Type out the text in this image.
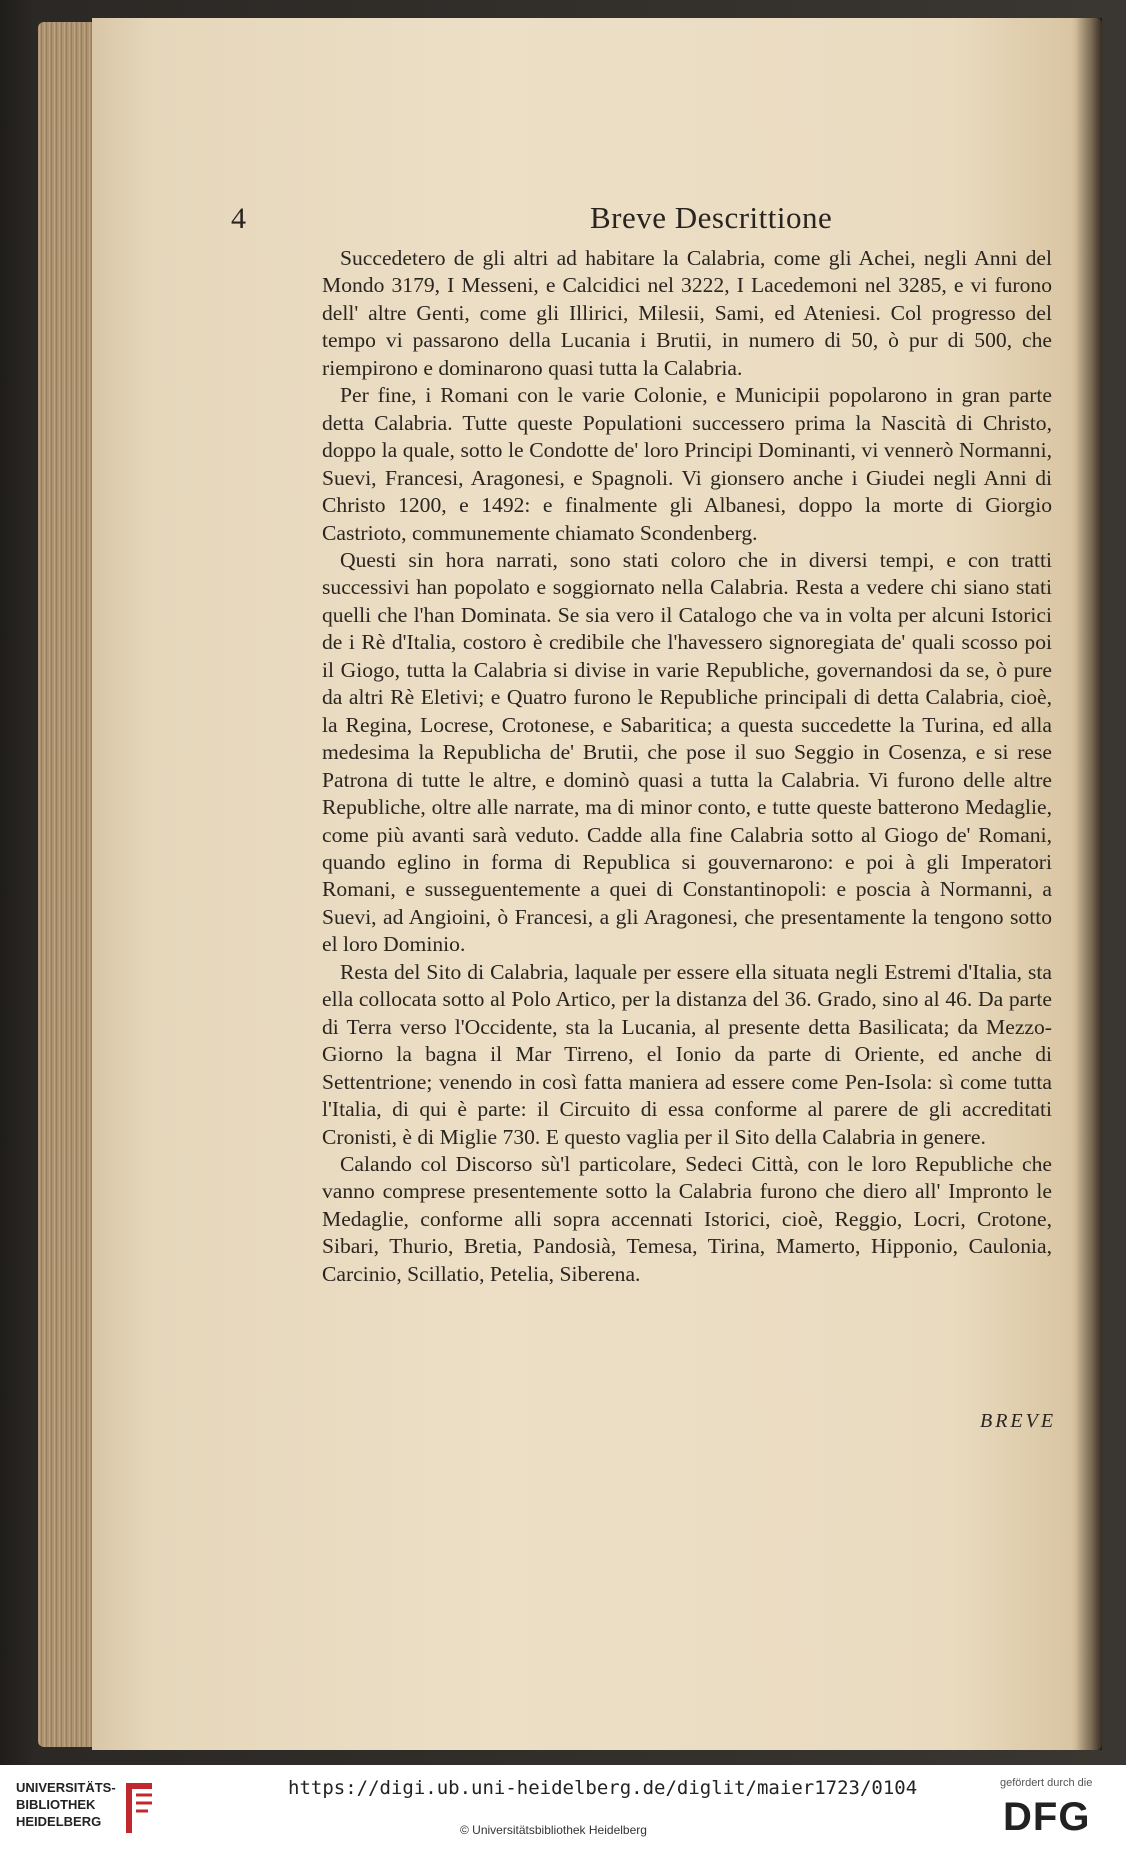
4	Breve Descrittione

Succedetero de gli altri ad habitare la Calabria, come gli Achei, negli Anni del Mondo 3179, I Messeni, e Calcidici nel 3222, I Lacedemoni nel 3285, e vi furono dell' altre Genti, come gli Illirici, Milesii, Sami, ed Ateniesi. Col progresso del tempo vi passarono della Lucania i Brutii, in numero di 50, ò pur di 500, che riempirono e dominarono quasi tutta la Calabria.

Per fine, i Romani con le varie Colonie, e Municipii popolarono in gran parte detta Calabria. Tutte queste Populationi successero prima la Nascità di Christo, doppo la quale, sotto le Condotte de' loro Principi Dominanti, vi vennerò Normanni, Suevi, Francesi, Aragonesi, e Spagnoli. Vi gionsero anche i Giudei negli Anni di Christo 1200, e 1492: e finalmente gli Albanesi, doppo la morte di Giorgio Castrioto, communemente chiamato Scondenberg.

Questi sin hora narrati, sono stati coloro che in diversi tempi, e con tratti successivi han popolato e soggiornato nella Calabria. Resta a vedere chi siano stati quelli che l'han Dominata. Se sia vero il Catalogo che va in volta per alcuni Istorici de i Rè d'Italia, costoro è credibile che l'havessero signoregiata de' quali scosso poi il Giogo, tutta la Calabria si divise in varie Republiche, governandosi da se, ò pure da altri Rè Eletivi; e Quatro furono le Republiche principali di detta Calabria, cioè, la Regina, Locrese, Crotonese, e Sabaritica; a questa succedette la Turina, ed alla medesima la Republicha de' Brutii, che pose il suo Seggio in Cosenza, e si rese Patrona di tutte le altre, e dominò quasi a tutta la Calabria. Vi furono delle altre Republiche, oltre alle narrate, ma di minor conto, e tutte queste batterono Medaglie, come più avanti sarà veduto. Cadde alla fine Calabria sotto al Giogo de' Romani, quando eglino in forma di Republica si gouvernarono: e poi à gli Imperatori Romani, e susseguentemente a quei di Constantinopoli: e poscia à Normanni, a Suevi, ad Angioini, ò Francesi, a gli Aragonesi, che presentamente la tengono sotto el loro Dominio.

Resta del Sito di Calabria, laquale per essere ella situata negli Estremi d'Italia, sta ella collocata sotto al Polo Artico, per la distanza del 36. Grado, sino al 46. Da parte di Terra verso l'Occidente, sta la Lucania, al presente detta Basilicata; da Mezzo-Giorno la bagna il Mar Tirreno, el Ionio da parte di Oriente, ed anche di Settentrione; venendo in così fatta maniera ad essere come Pen-Isola: sì come tutta l'Italia, di qui è parte: il Circuito di essa conforme al parere de gli accreditati Cronisti, è di Miglie 730. E questo vaglia per il Sito della Calabria in genere.

Calando col Discorso sù'l particolare, Sedeci Città, con le loro Republiche che vanno comprese presentemente sotto la Calabria furono che diero all' Impronto le Medaglie, conforme alli sopra accennati Istorici, cioè, Reggio, Locri, Crotone, Sibari, Thurio, Bretia, Pandosià, Temesa, Tirina, Mamerto, Hipponio, Caulonia, Carcinio, Scillatio, Petelia, Siberena.

BREVE
UNIVERSITÄTS-
BIBLIOTHEK
HEIDELBERG
https://digi.ub.uni-heidelberg.de/diglit/maier1723/0104
© Universitätsbibliothek Heidelberg
gefördert durch die
DFG
